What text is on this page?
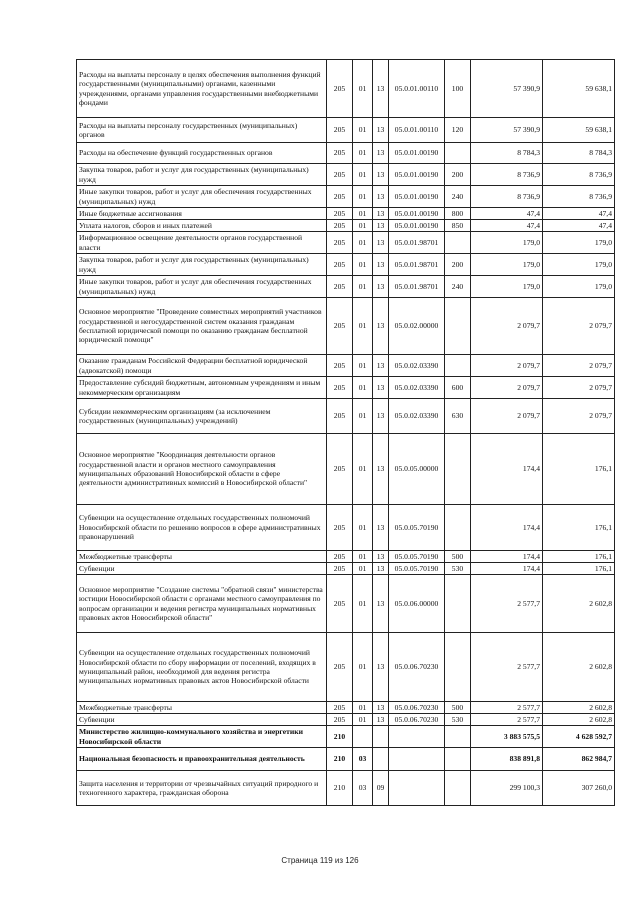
Расходы на выплаты персоналу в целях обеспечения выполнения функций государственными (муниципальными) органами, казенными учреждениями, органами управления государственными внебюджетными фондами	205	01	13	05.0.01.00110	100	57 390,9	59 638,1
Расходы на выплаты персоналу государственных (муниципальных) органов	205	01	13	05.0.01.00110	120	57 390,9	59 638,1
Расходы на обеспечение функций государственных органов	205	01	13	05.0.01.00190		8 784,3	8 784,3
Закупка товаров, работ и услуг для государственных (муниципальных) нужд	205	01	13	05.0.01.00190	200	8 736,9	8 736,9
Иные закупки товаров, работ и услуг для обеспечения государственных (муниципальных) нужд	205	01	13	05.0.01.00190	240	8 736,9	8 736,9
Иные бюджетные ассигнования	205	01	13	05.0.01.00190	800	47,4	47,4
Уплата налогов, сборов и иных платежей	205	01	13	05.0.01.00190	850	47,4	47,4
Информационное освещение деятельности органов государственной власти	205	01	13	05.0.01.98701		179,0	179,0
Закупка товаров, работ и услуг для государственных (муниципальных) нужд	205	01	13	05.0.01.98701	200	179,0	179,0
Иные закупки товаров, работ и услуг для обеспечения государственных (муниципальных) нужд	205	01	13	05.0.01.98701	240	179,0	179,0
Основное мероприятие "Проведение совместных мероприятий участников государственной и негосударственной систем оказания гражданам бесплатной юридической помощи по оказанию гражданам бесплатной юридической помощи"	205	01	13	05.0.02.00000		2 079,7	2 079,7
Оказание гражданам Российской Федерации бесплатной юридической (адвокатской) помощи	205	01	13	05.0.02.03390		2 079,7	2 079,7
Предоставление субсидий бюджетным, автономным учреждениям и иным некоммерческим организациям	205	01	13	05.0.02.03390	600	2 079,7	2 079,7
Субсидии некоммерческим организациям (за исключением государственных (муниципальных) учреждений)	205	01	13	05.0.02.03390	630	2 079,7	2 079,7
Основное мероприятие "Координация деятельности органов государственной власти и органов местного самоуправления муниципальных образований Новосибирской области в сфере деятельности административных комиссий в Новосибирской области"	205	01	13	05.0.05.00000		174,4	176,1
Субвенции на осуществление отдельных государственных полномочий Новосибирской области по решению вопросов в сфере административных правонарушений	205	01	13	05.0.05.70190		174,4	176,1
Межбюджетные трансферты	205	01	13	05.0.05.70190	500	174,4	176,1
Субвенции	205	01	13	05.0.05.70190	530	174,4	176,1
Основное мероприятие "Создание системы "обратной связи" министерства юстиции Новосибирской области с органами местного самоуправления по вопросам организации и ведения регистра муниципальных нормативных правовых актов Новосибирской области"	205	01	13	05.0.06.00000		2 577,7	2 602,8
Субвенции на осуществление отдельных государственных полномочий Новосибирской области по сбору информации от поселений, входящих в муниципальный район, необходимой для ведения регистра муниципальных нормативных правовых актов Новосибирской области	205	01	13	05.0.06.70230		2 577,7	2 602,8
Межбюджетные трансферты	205	01	13	05.0.06.70230	500	2 577,7	2 602,8
Субвенции	205	01	13	05.0.06.70230	530	2 577,7	2 602,8
Министерство жилищно-коммунального хозяйства и энергетики Новосибирской области	210					3 883 575,5	4 628 592,7
Национальная безопасность и правоохранительная деятельность	210	03				838 891,8	862 984,7
Защита населения и территории от чрезвычайных ситуаций природного и техногенного характера, гражданская оборона	210	03	09			299 100,3	307 260,0
Страница 119 из 126
